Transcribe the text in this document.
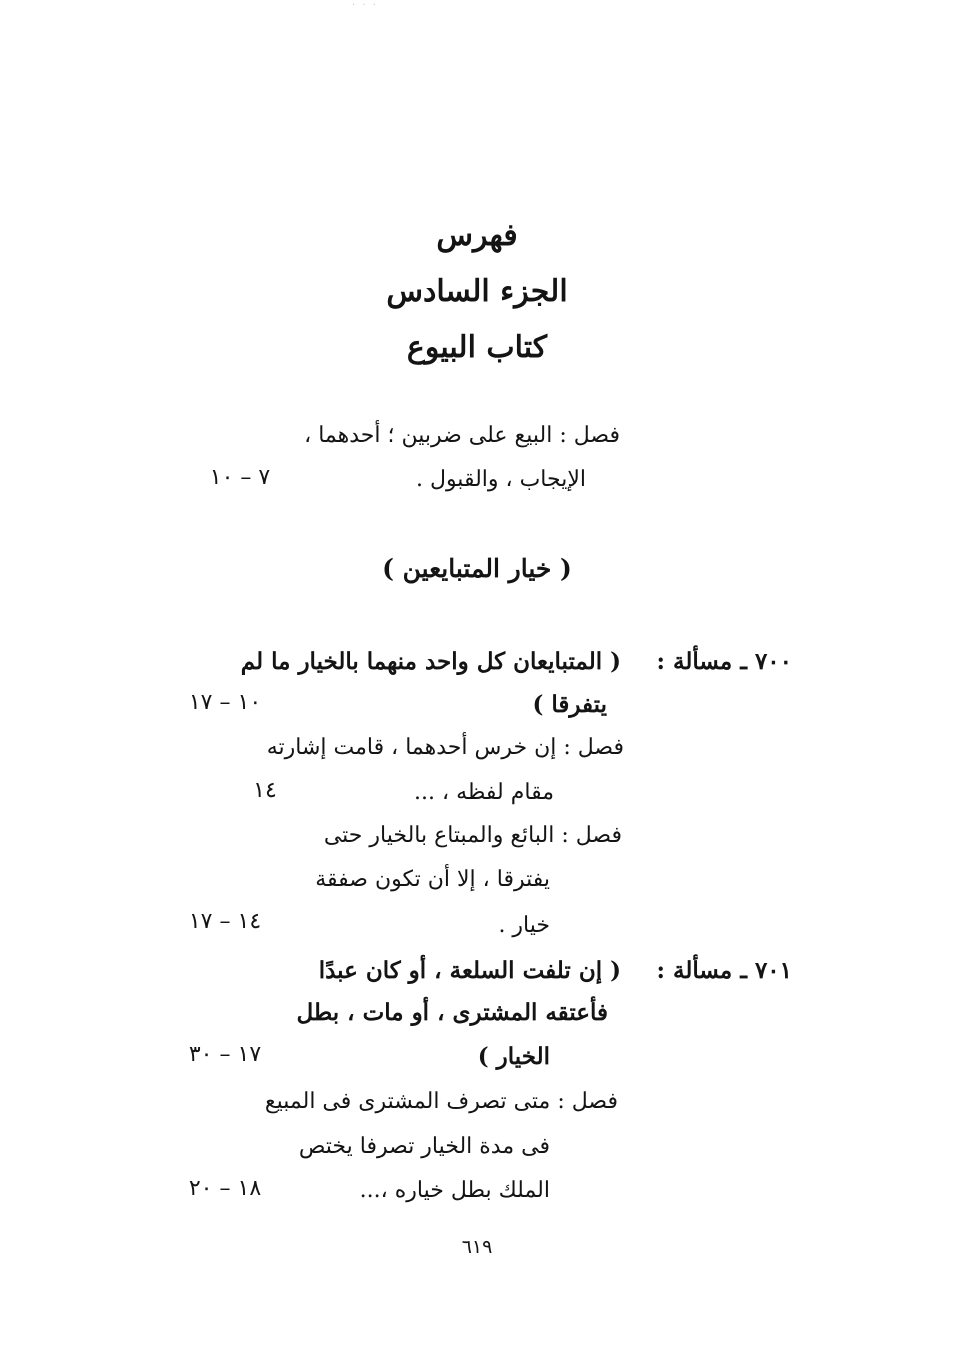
· · ·
فهرس
الجزء السادس
كتاب البيوع
فصل : البيع على ضربين ؛ أحدهما ،
الإيجاب ، والقبول .
٧ – ١٠
( خيار المتبايعين )
٧٠٠ ـ مسألة :
( المتبايعان كل واحد منهما بالخيار ما لم
يتفرقا )
١٠ – ١٧
فصل : إن خرس أحدهما ، قامت إشارته
مقام لفظه ، ...
١٤
فصل : البائع والمبتاع بالخيار حتى
يفترقا ، إلا أن تكون صفقة
خيار .
١٤ – ١٧
٧٠١ ـ مسألة :
( إن تلفت السلعة ، أو كان عبدًا
فأعتقه المشترى ، أو مات ، بطل
الخيار )
١٧ – ٣٠
فصل : متى تصرف المشترى فى المبيع
فى مدة الخيار تصرفا يختص
الملك بطل خياره ،...
١٨ – ٢٠
٦١٩
